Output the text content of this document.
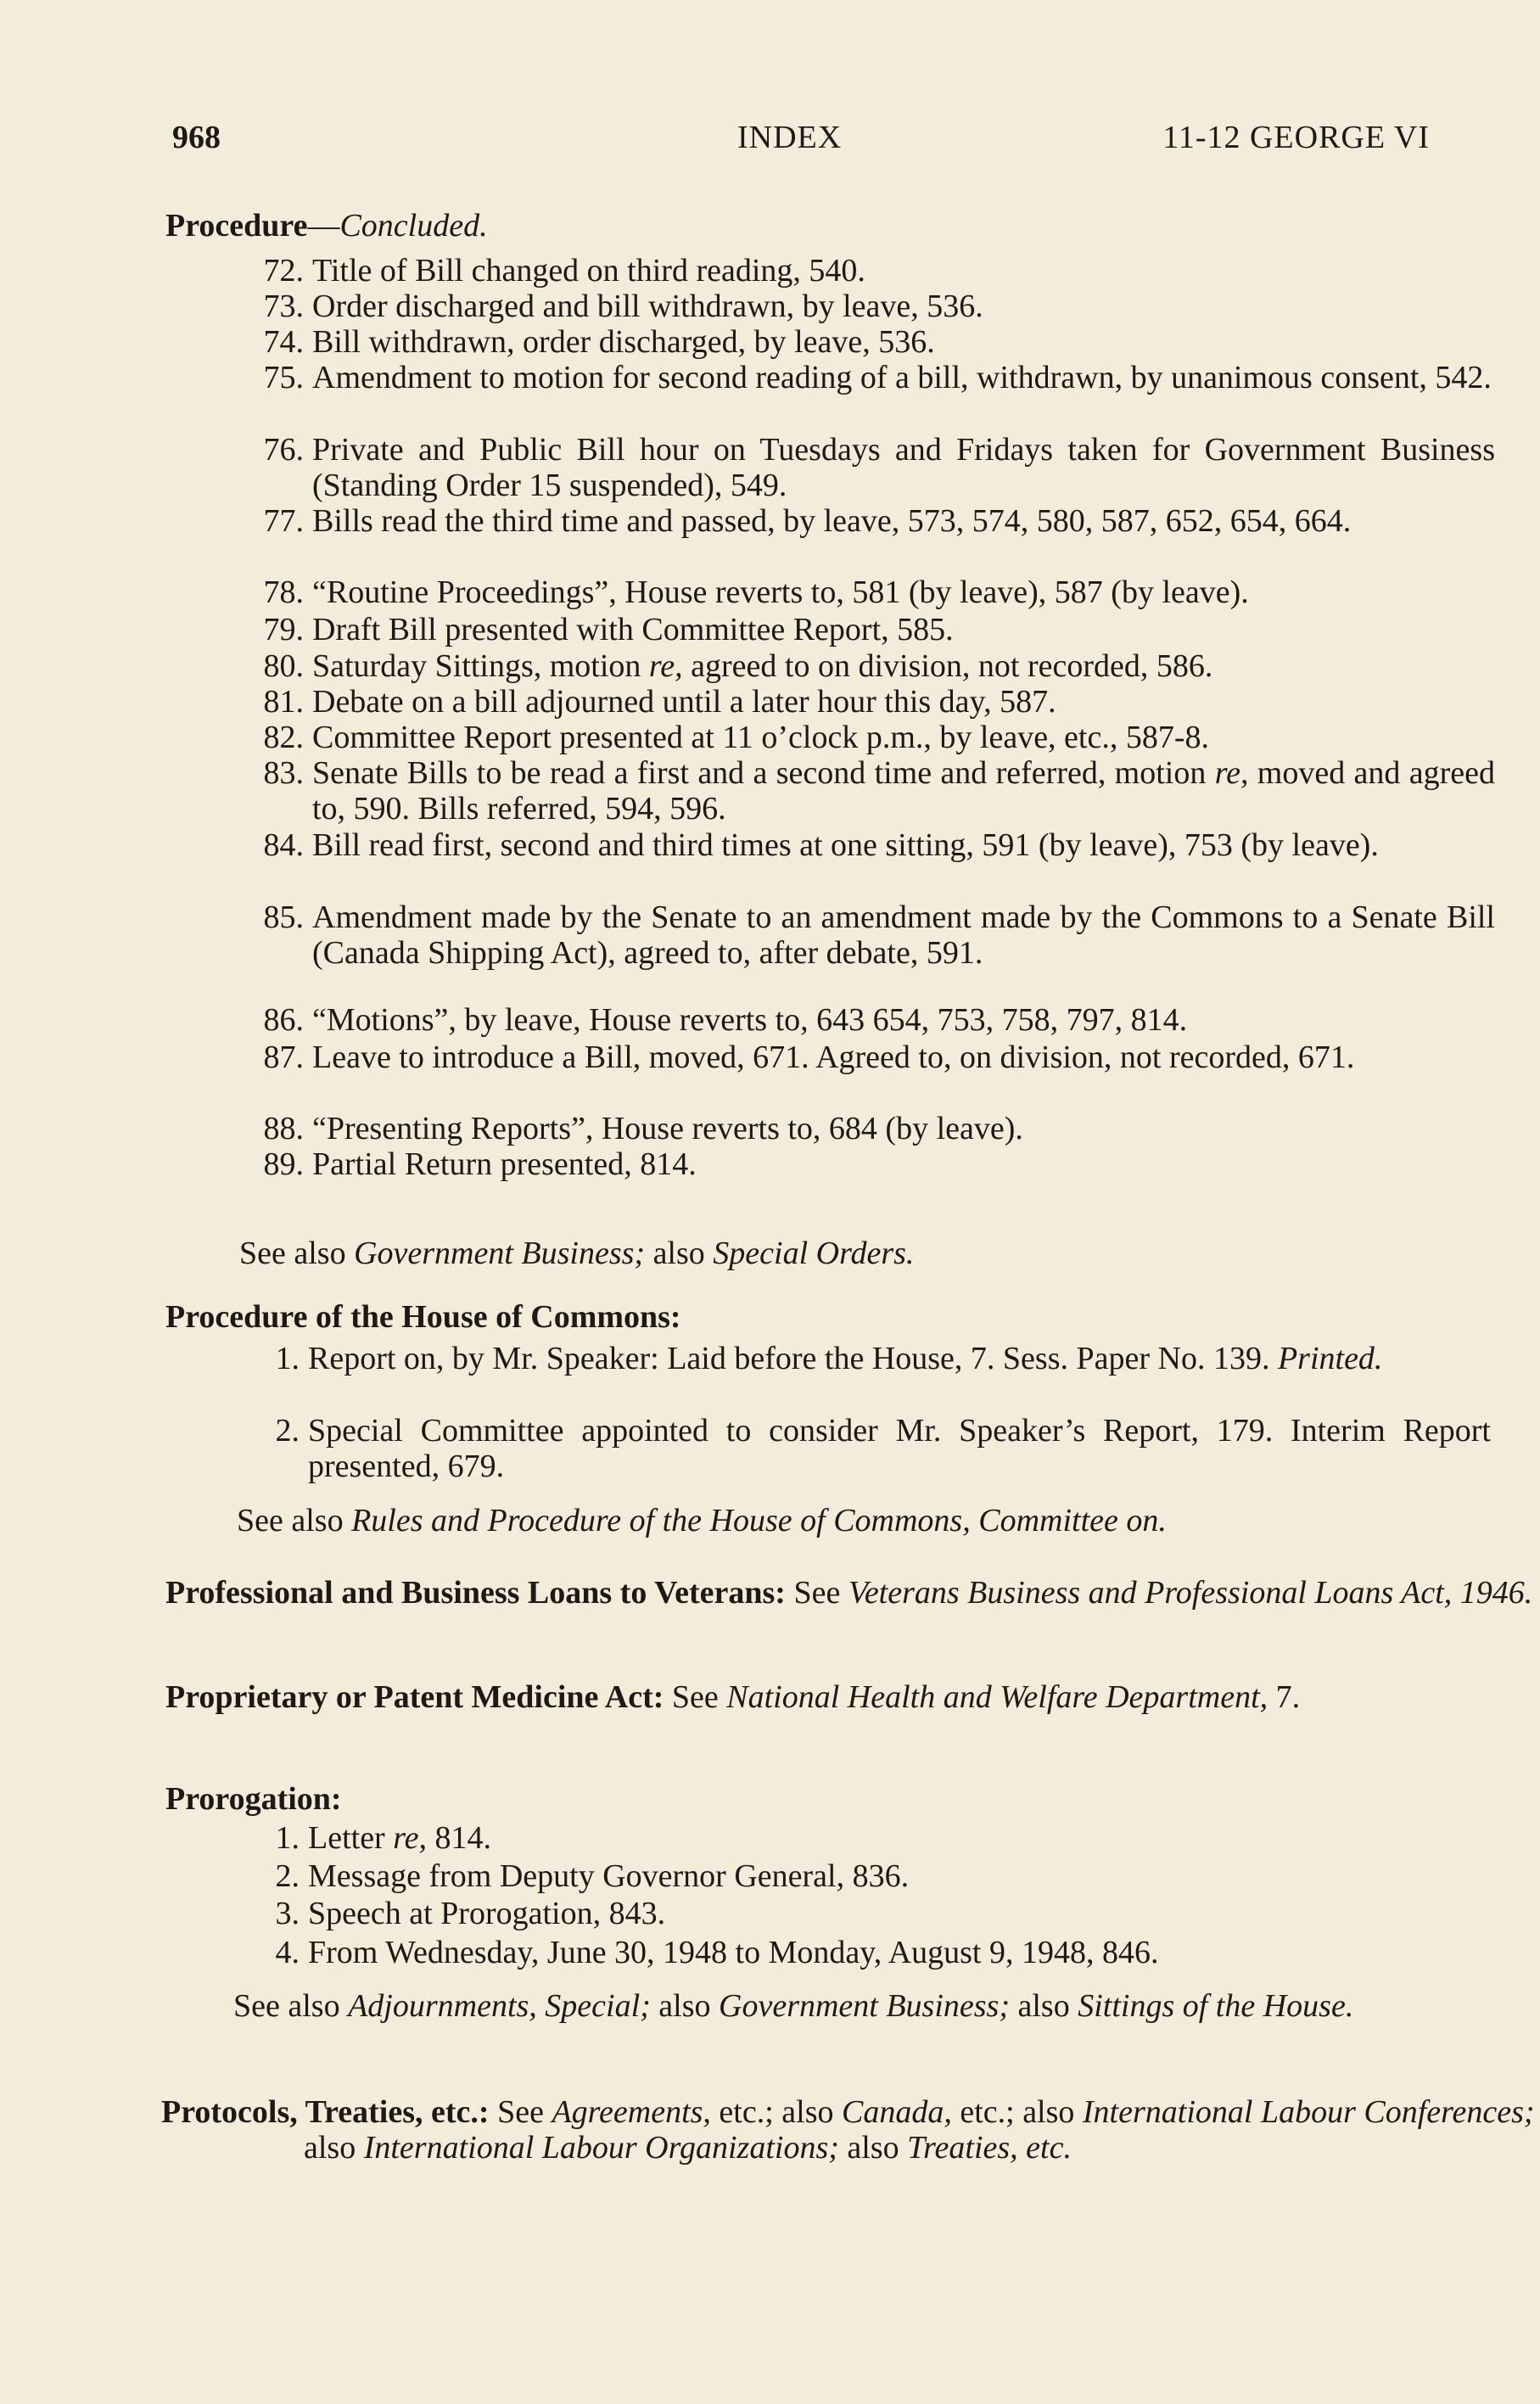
968	INDEX	11-12 GEORGE VI
Procedure—Concluded.
72. Title of Bill changed on third reading, 540.
73. Order discharged and bill withdrawn, by leave, 536.
74. Bill withdrawn, order discharged, by leave, 536.
75. Amendment to motion for second reading of a bill, withdrawn, by unanimous consent, 542.
76. Private and Public Bill hour on Tuesdays and Fridays taken for Government Business (Standing Order 15 suspended), 549.
77. Bills read the third time and passed, by leave, 573, 574, 580, 587, 652, 654, 664.
78. “Routine Proceedings”, House reverts to, 581 (by leave), 587 (by leave).
79. Draft Bill presented with Committee Report, 585.
80. Saturday Sittings, motion re, agreed to on division, not recorded, 586.
81. Debate on a bill adjourned until a later hour this day, 587.
82. Committee Report presented at 11 o’clock p.m., by leave, etc., 587-8.
83. Senate Bills to be read a first and a second time and referred, motion re, moved and agreed to, 590. Bills referred, 594, 596.
84. Bill read first, second and third times at one sitting, 591 (by leave), 753 (by leave).
85. Amendment made by the Senate to an amendment made by the Commons to a Senate Bill (Canada Shipping Act), agreed to, after debate, 591.
86. “Motions”, by leave, House reverts to, 643 654, 753, 758, 797, 814.
87. Leave to introduce a Bill, moved, 671. Agreed to, on division, not recorded, 671.
88. “Presenting Reports”, House reverts to, 684 (by leave).
89. Partial Return presented, 814.
See also Government Business; also Special Orders.
Procedure of the House of Commons:
1. Report on, by Mr. Speaker: Laid before the House, 7. Sess. Paper No. 139. Printed.
2. Special Committee appointed to consider Mr. Speaker’s Report, 179. Interim Report presented, 679.
See also Rules and Procedure of the House of Commons, Committee on.
Professional and Business Loans to Veterans: See Veterans Business and Professional Loans Act, 1946.
Proprietary or Patent Medicine Act: See National Health and Welfare Department, 7.
Prorogation:
1. Letter re, 814.
2. Message from Deputy Governor General, 836.
3. Speech at Prorogation, 843.
4. From Wednesday, June 30, 1948 to Monday, August 9, 1948, 846.
See also Adjournments, Special; also Government Business; also Sittings of the House.
Protocols, Treaties, etc.: See Agreements, etc.; also Canada, etc.; also International Labour Conferences; also International Labour Organizations; also Treaties, etc.
